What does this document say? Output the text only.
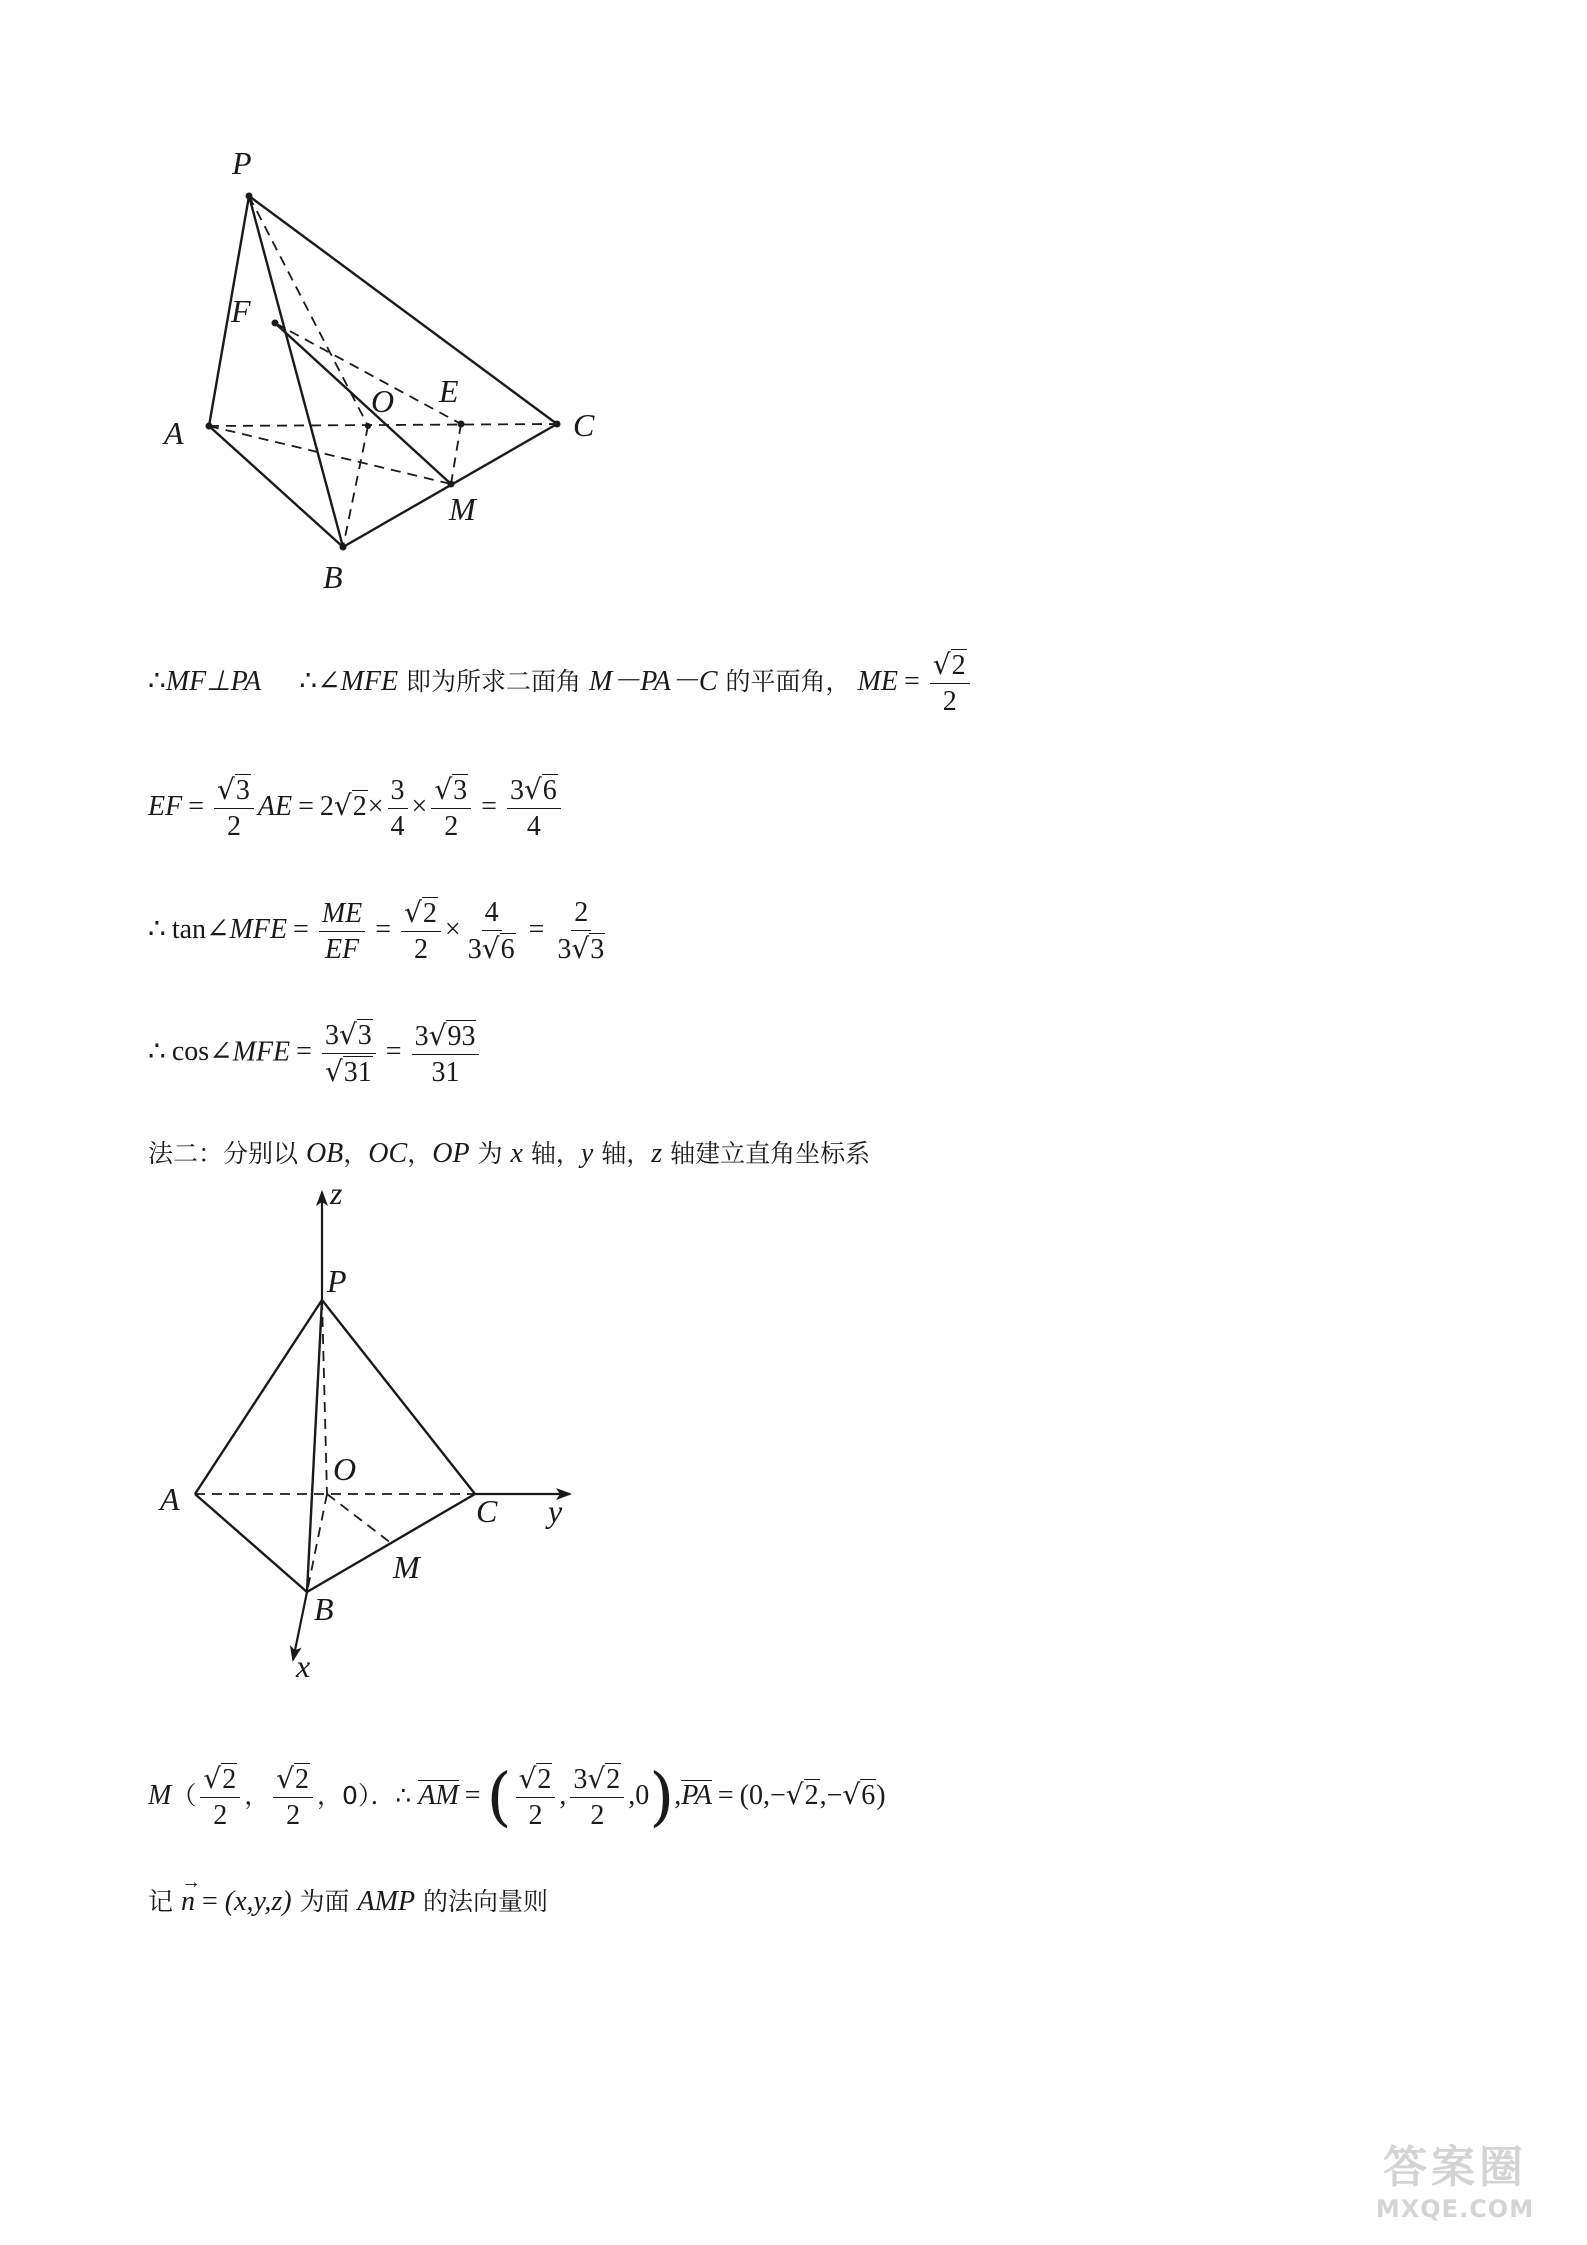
P
F
O E
A	C
M
B
∴MF⊥PA ∴∠MFE 即为所求二面角 M－PA－C 的平面角， ME = $\frac{√2}{2}$
EF = $\frac{√3}{2}$ AE = $2√2\times \frac{3}{4} \times \frac{√3}{2} = \frac{3√6}{4}$
∴ tan∠MFE = $\frac{ME}{EF} = \frac{√2}{2} \times \frac{4}{3√6} = \frac{2}{3√3}$
∴ cos∠MFE = $\frac{3√3}{√31} = \frac{3√93}{31}$
法二：分别以 OB，OC，OP 为 x 轴，y 轴，z 轴建立直角坐标系
z
P
O
A	C y
M
B
x
$M( \frac{√2}{2}$ ， $\frac{√2}{2}$ ，0）．∴ AM =( $\frac{√2}{2}$ , $\frac{3√2}{2} ,0),PA = (0,-√2,-√6)$
记
→
n = (x,y,z) 为面 AMP 的法向量则
答案圈
MXQE.COM
